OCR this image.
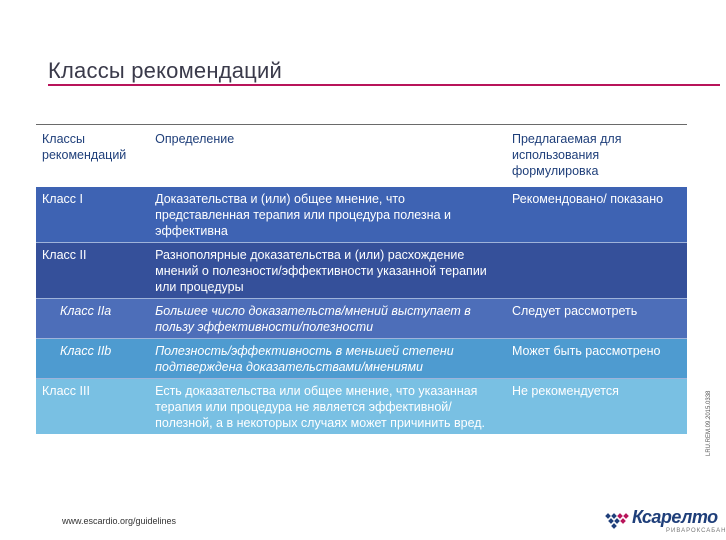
Классы рекомендаций
Классы рекомендаций	Определение	Предлагаемая для использования формулировка
Класс I	Доказательства и (или) общее мнение, что представленная терапия или процедура полезна и эффективна	Рекомендовано/ показано
Класс II	Разнополярные доказательства и (или) расхождение мнений о полезности/эффективности указанной терапии или процедуры	
Класс IIa	Большее число доказательств/мнений выступает в пользу эффективности/полезности	Следует рассмотреть
Класс IIb	Полезность/эффективность в меньшей степени подтверждена доказательствами/мнениями	Может быть рассмотрено
Класс III	Есть доказательства или общее мнение, что указанная терапия или процедура не является эффективной/полезной, а в некоторых случаях может причинить вред.	Не рекомендуется
www.escardio.org/guidelines
LRU.REM.09.2015.0338
Ксарелто
РИВАРОКСАБАН
